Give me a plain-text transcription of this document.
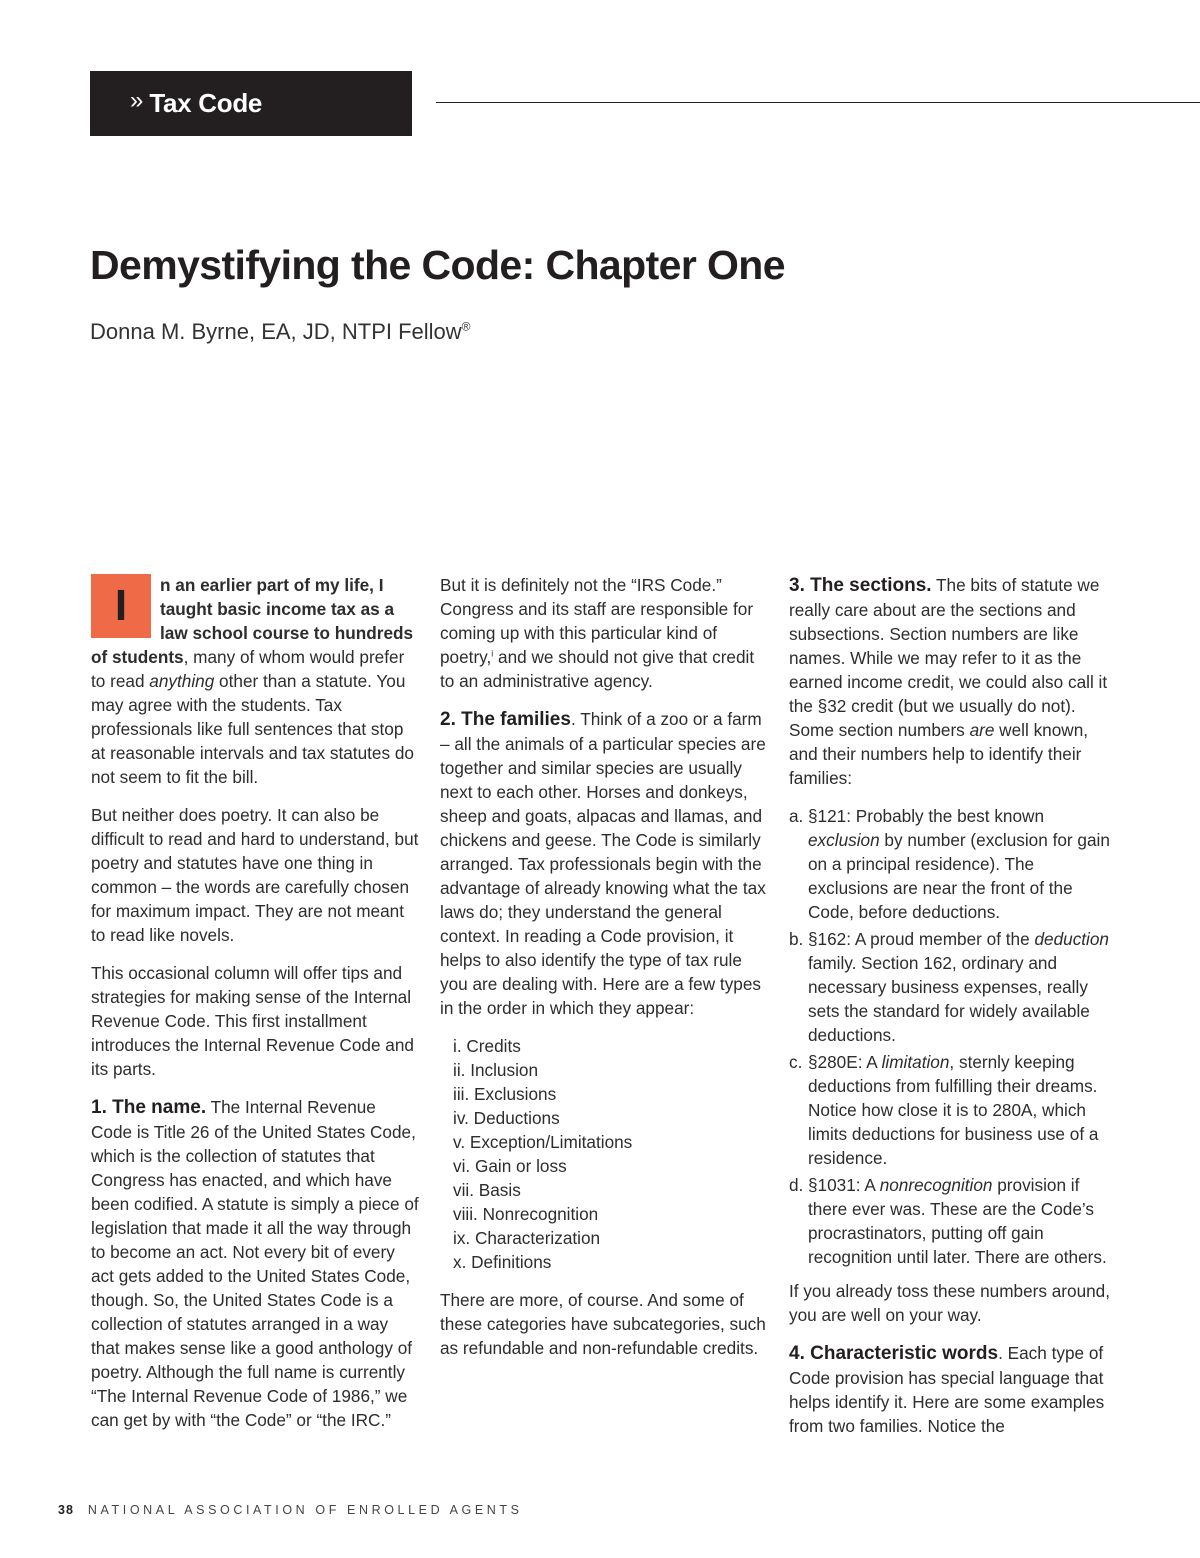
» Tax Code
Demystifying the Code: Chapter One

Donna M. Byrne, EA, JD, NTPI Fellow®

I	n an earlier part of my life, I taught basic income tax as a law school course to hundreds of students, many of whom would prefer to read anything other than a statute. You may agree with the students. Tax professionals like full sentences that stop at reasonable intervals and tax statutes do not seem to fit the bill.

But neither does poetry. It can also be difficult to read and hard to understand, but poetry and statutes have one thing in common – the words are carefully chosen for maximum impact. They are not meant to read like novels.

This occasional column will offer tips and strategies for making sense of the Internal Revenue Code. This first installment introduces the Internal Revenue Code and its parts.

1. The name. The Internal Revenue Code is Title 26 of the United States Code, which is the collection of statutes that Congress has enacted, and which have been codified. A statute is simply a piece of legislation that made it all the way through to become an act. Not every bit of every act gets added to the United States Code, though. So, the United States Code is a collection of statutes arranged in a way that makes sense like a good anthology of poetry. Although the full name is currently “The Internal Revenue Code of 1986,” we can get by with “the Code” or “the IRC.”

But it is definitely not the “IRS Code.” Congress and its staff are responsible for coming up with this particular kind of poetry,$^i$ and we should not give that credit to an administrative agency.

2. The families. Think of a zoo or a farm – all the animals of a particular species are together and similar species are usually next to each other. Horses and donkeys, sheep and goats, alpacas and llamas, and chickens and geese. The Code is similarly arranged. Tax professionals begin with the advantage of already knowing what the tax laws do; they understand the general context. In reading a Code provision, it helps to also identify the type of tax rule you are dealing with. Here are a few types in the order in which they appear:

i. Credits
ii. Inclusion
iii. Exclusions
iv. Deductions
v. Exception/Limitations
vi. Gain or loss
vii. Basis
viii. Nonrecognition
ix. Characterization
x. Definitions

There are more, of course. And some of these categories have subcategories, such as refundable and non-refundable credits.

3. The sections. The bits of statute we really care about are the sections and subsections. Section numbers are like names. While we may refer to it as the earned income credit, we could also call it the §32 credit (but we usually do not). Some section numbers are well known, and their numbers help to identify their families:

a. §121: Probably the best known exclusion by number (exclusion for gain on a principal residence). The exclusions are near the front of the Code, before deductions.
b. §162: A proud member of the deduction family. Section 162, ordinary and necessary business expenses, really sets the standard for widely available deductions.
c. §280E: A limitation, sternly keeping deductions from fulfilling their dreams. Notice how close it is to 280A, which limits deductions for business use of a residence.
d. §1031: A nonrecognition provision if there ever was. These are the Code’s procrastinators, putting off gain recognition until later. There are others.

If you already toss these numbers around, you are well on your way.

4. Characteristic words. Each type of Code provision has special language that helps identify it. Here are some examples from two families. Notice the

38 NATIONAL ASSOCIATION OF ENROLLED AGENTS
